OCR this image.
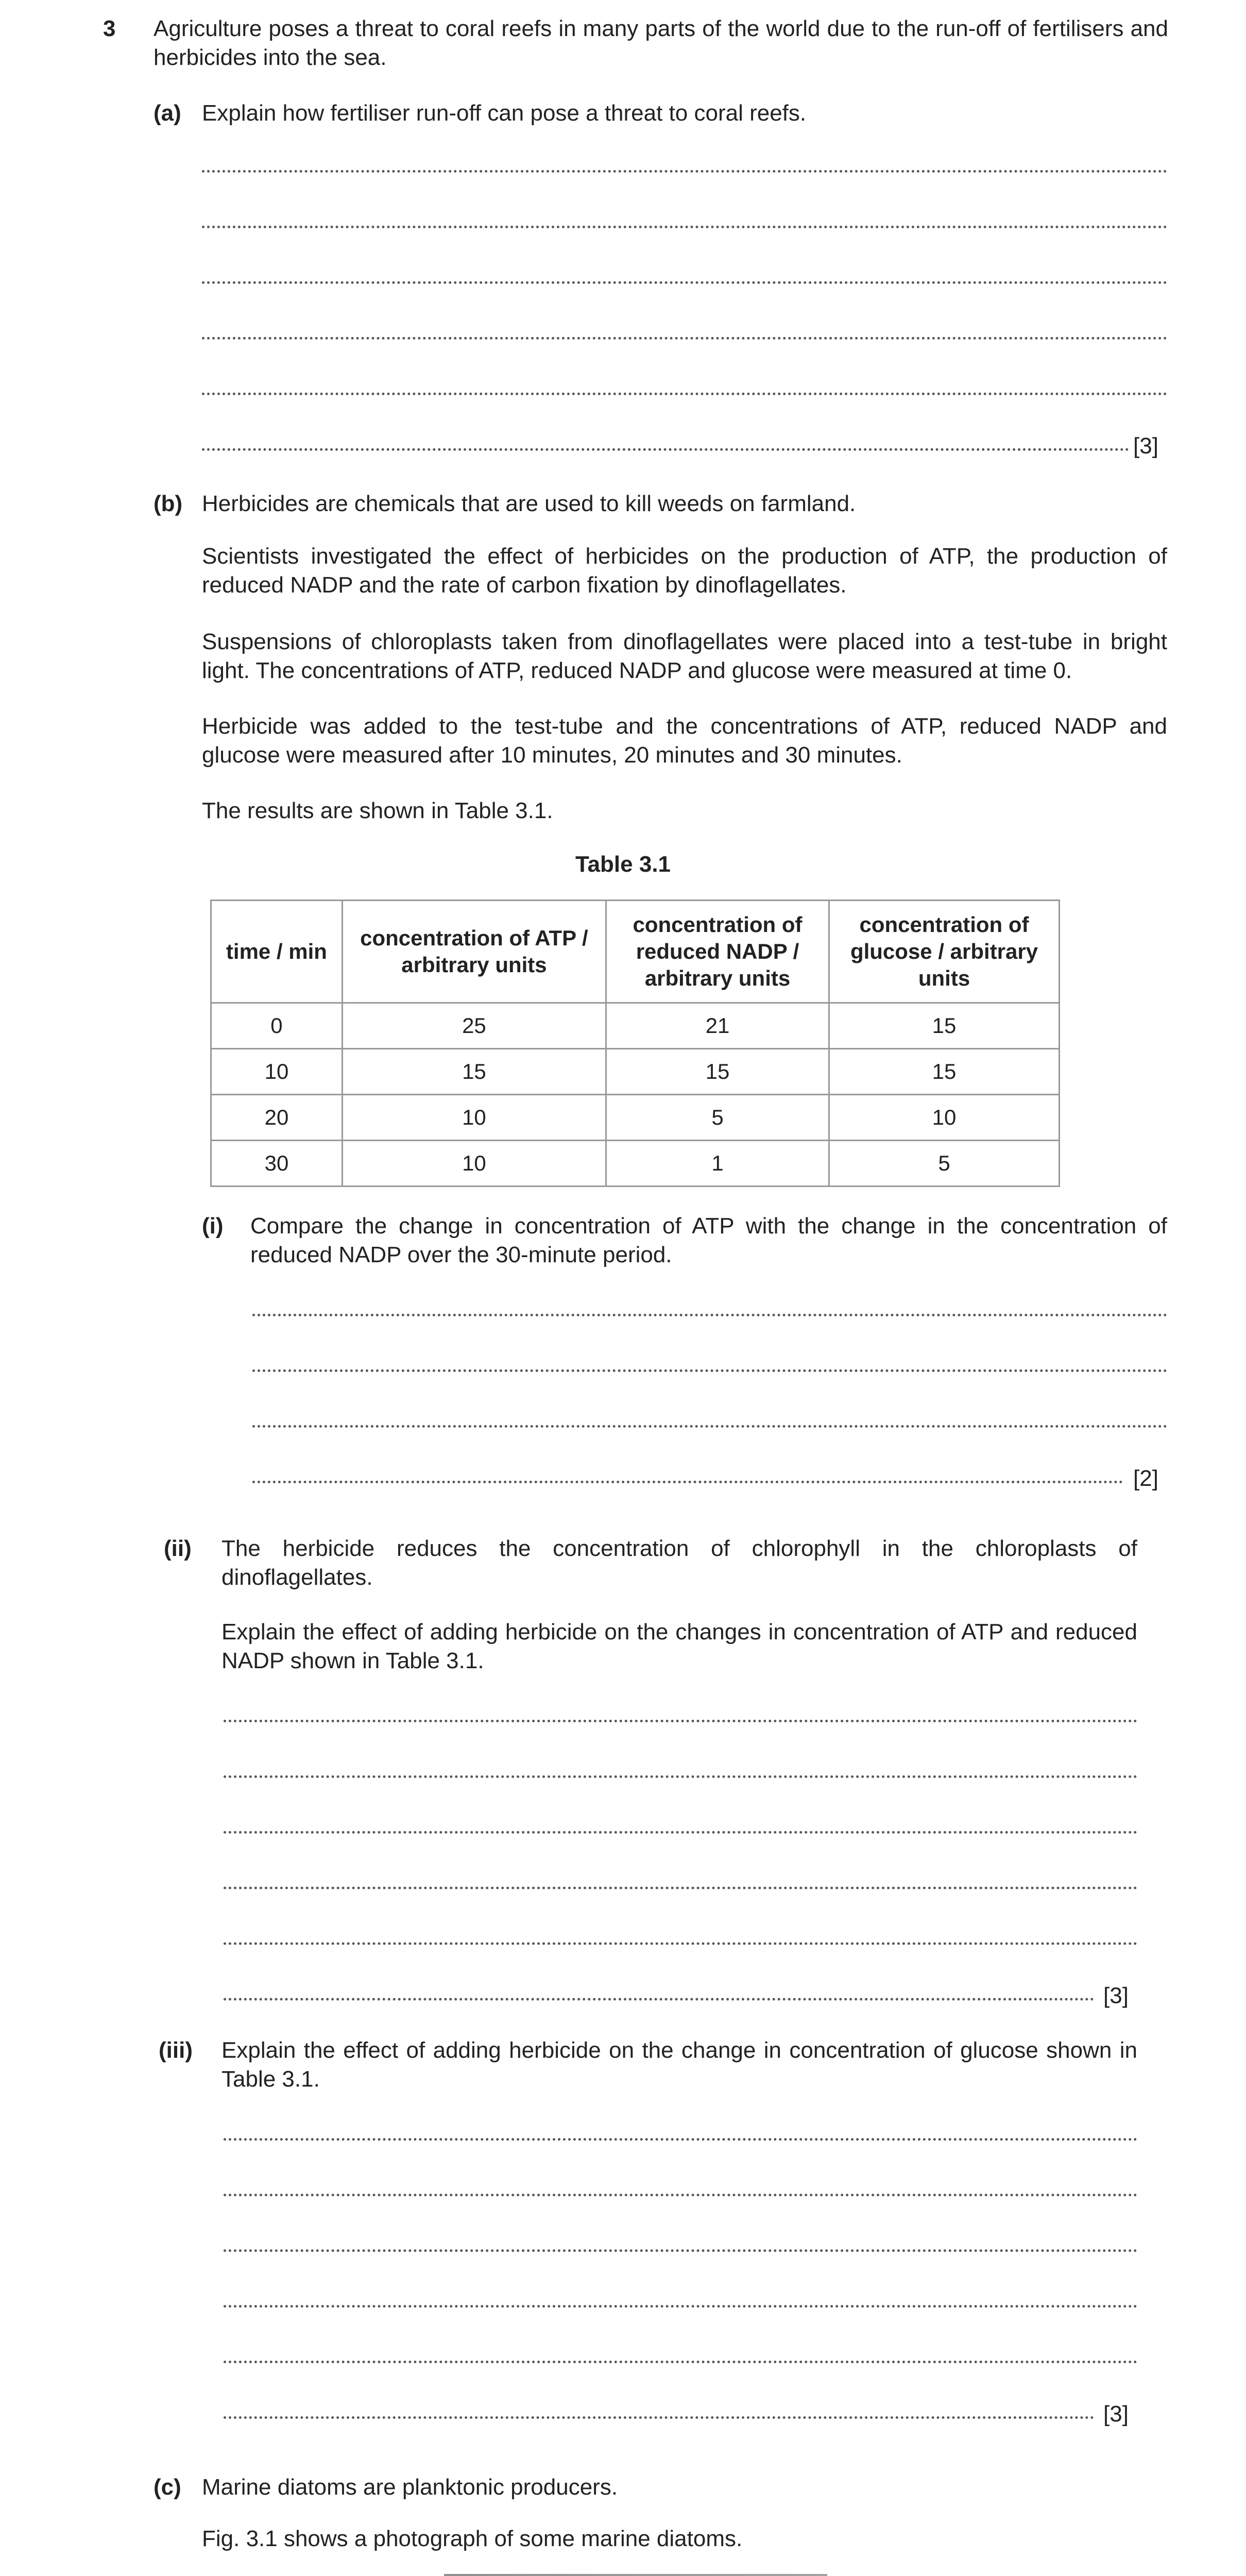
3 Agriculture poses a threat to coral reefs in many parts of the world due to the run-off of fertilisers and herbicides into the sea.
(a) Explain how fertiliser run-off can pose a threat to coral reefs.
[3]
(b) Herbicides are chemicals that are used to kill weeds on farmland.
Scientists investigated the effect of herbicides on the production of ATP, the production of reduced NADP and the rate of carbon fixation by dinoflagellates.
Suspensions of chloroplasts taken from dinoflagellates were placed into a test-tube in bright light. The concentrations of ATP, reduced NADP and glucose were measured at time 0.
Herbicide was added to the test-tube and the concentrations of ATP, reduced NADP and glucose were measured after 10 minutes, 20 minutes and 30 minutes.
The results are shown in Table 3.1.
Table 3.1
time / min	concentration of ATP / arbitrary units	concentration of reduced NADP / arbitrary units	concentration of glucose / arbitrary units
0	25	21	15
10	15	15	15
20	10	5	10
30	10	1	5
(i) Compare the change in concentration of ATP with the change in the concentration of reduced NADP over the 30-minute period.
[2]
(ii) The herbicide reduces the concentration of chlorophyll in the chloroplasts of dinoflagellates.
Explain the effect of adding herbicide on the changes in concentration of ATP and reduced NADP shown in Table 3.1.
[3]
(iii) Explain the effect of adding herbicide on the change in concentration of glucose shown in Table 3.1.
[3]
(c) Marine diatoms are planktonic producers.
Fig. 3.1 shows a photograph of some marine diatoms.
